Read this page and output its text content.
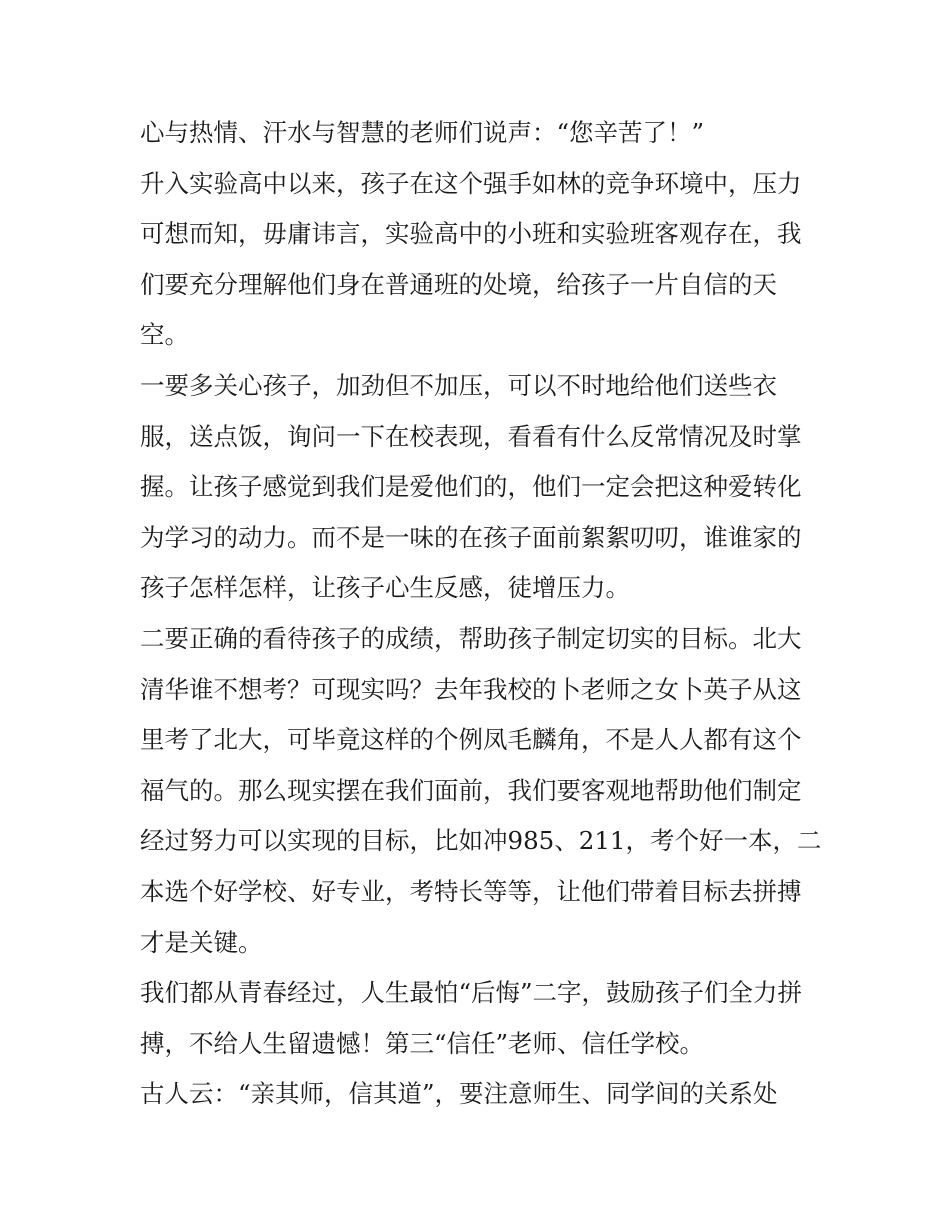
心与热情、汗水与智慧的老师们说声：“您辛苦了！”
升入实验高中以来，孩子在这个强手如林的竞争环境中，压力
可想而知，毋庸讳言，实验高中的小班和实验班客观存在，我
们要充分理解他们身在普通班的处境，给孩子一片自信的天
空。
一要多关心孩子，加劲但不加压，可以不时地给他们送些衣
服，送点饭，询问一下在校表现，看看有什么反常情况及时掌
握。让孩子感觉到我们是爱他们的，他们一定会把这种爱转化
为学习的动力。而不是一味的在孩子面前絮絮叨叨，谁谁家的
孩子怎样怎样，让孩子心生反感，徒增压力。
二要正确的看待孩子的成绩，帮助孩子制定切实的目标。北大
清华谁不想考？可现实吗？去年我校的卜老师之女卜英子从这
里考了北大，可毕竟这样的个例凤毛麟角，不是人人都有这个
福气的。那么现实摆在我们面前，我们要客观地帮助他们制定
经过努力可以实现的目标，比如冲985、211，考个好一本，二
本选个好学校、好专业，考特长等等，让他们带着目标去拼搏
才是关键。
我们都从青春经过，人生最怕“后悔”二字，鼓励孩子们全力拼
搏，不给人生留遗憾！第三“信任”老师、信任学校。
古人云：“亲其师，信其道”，要注意师生、同学间的关系处
